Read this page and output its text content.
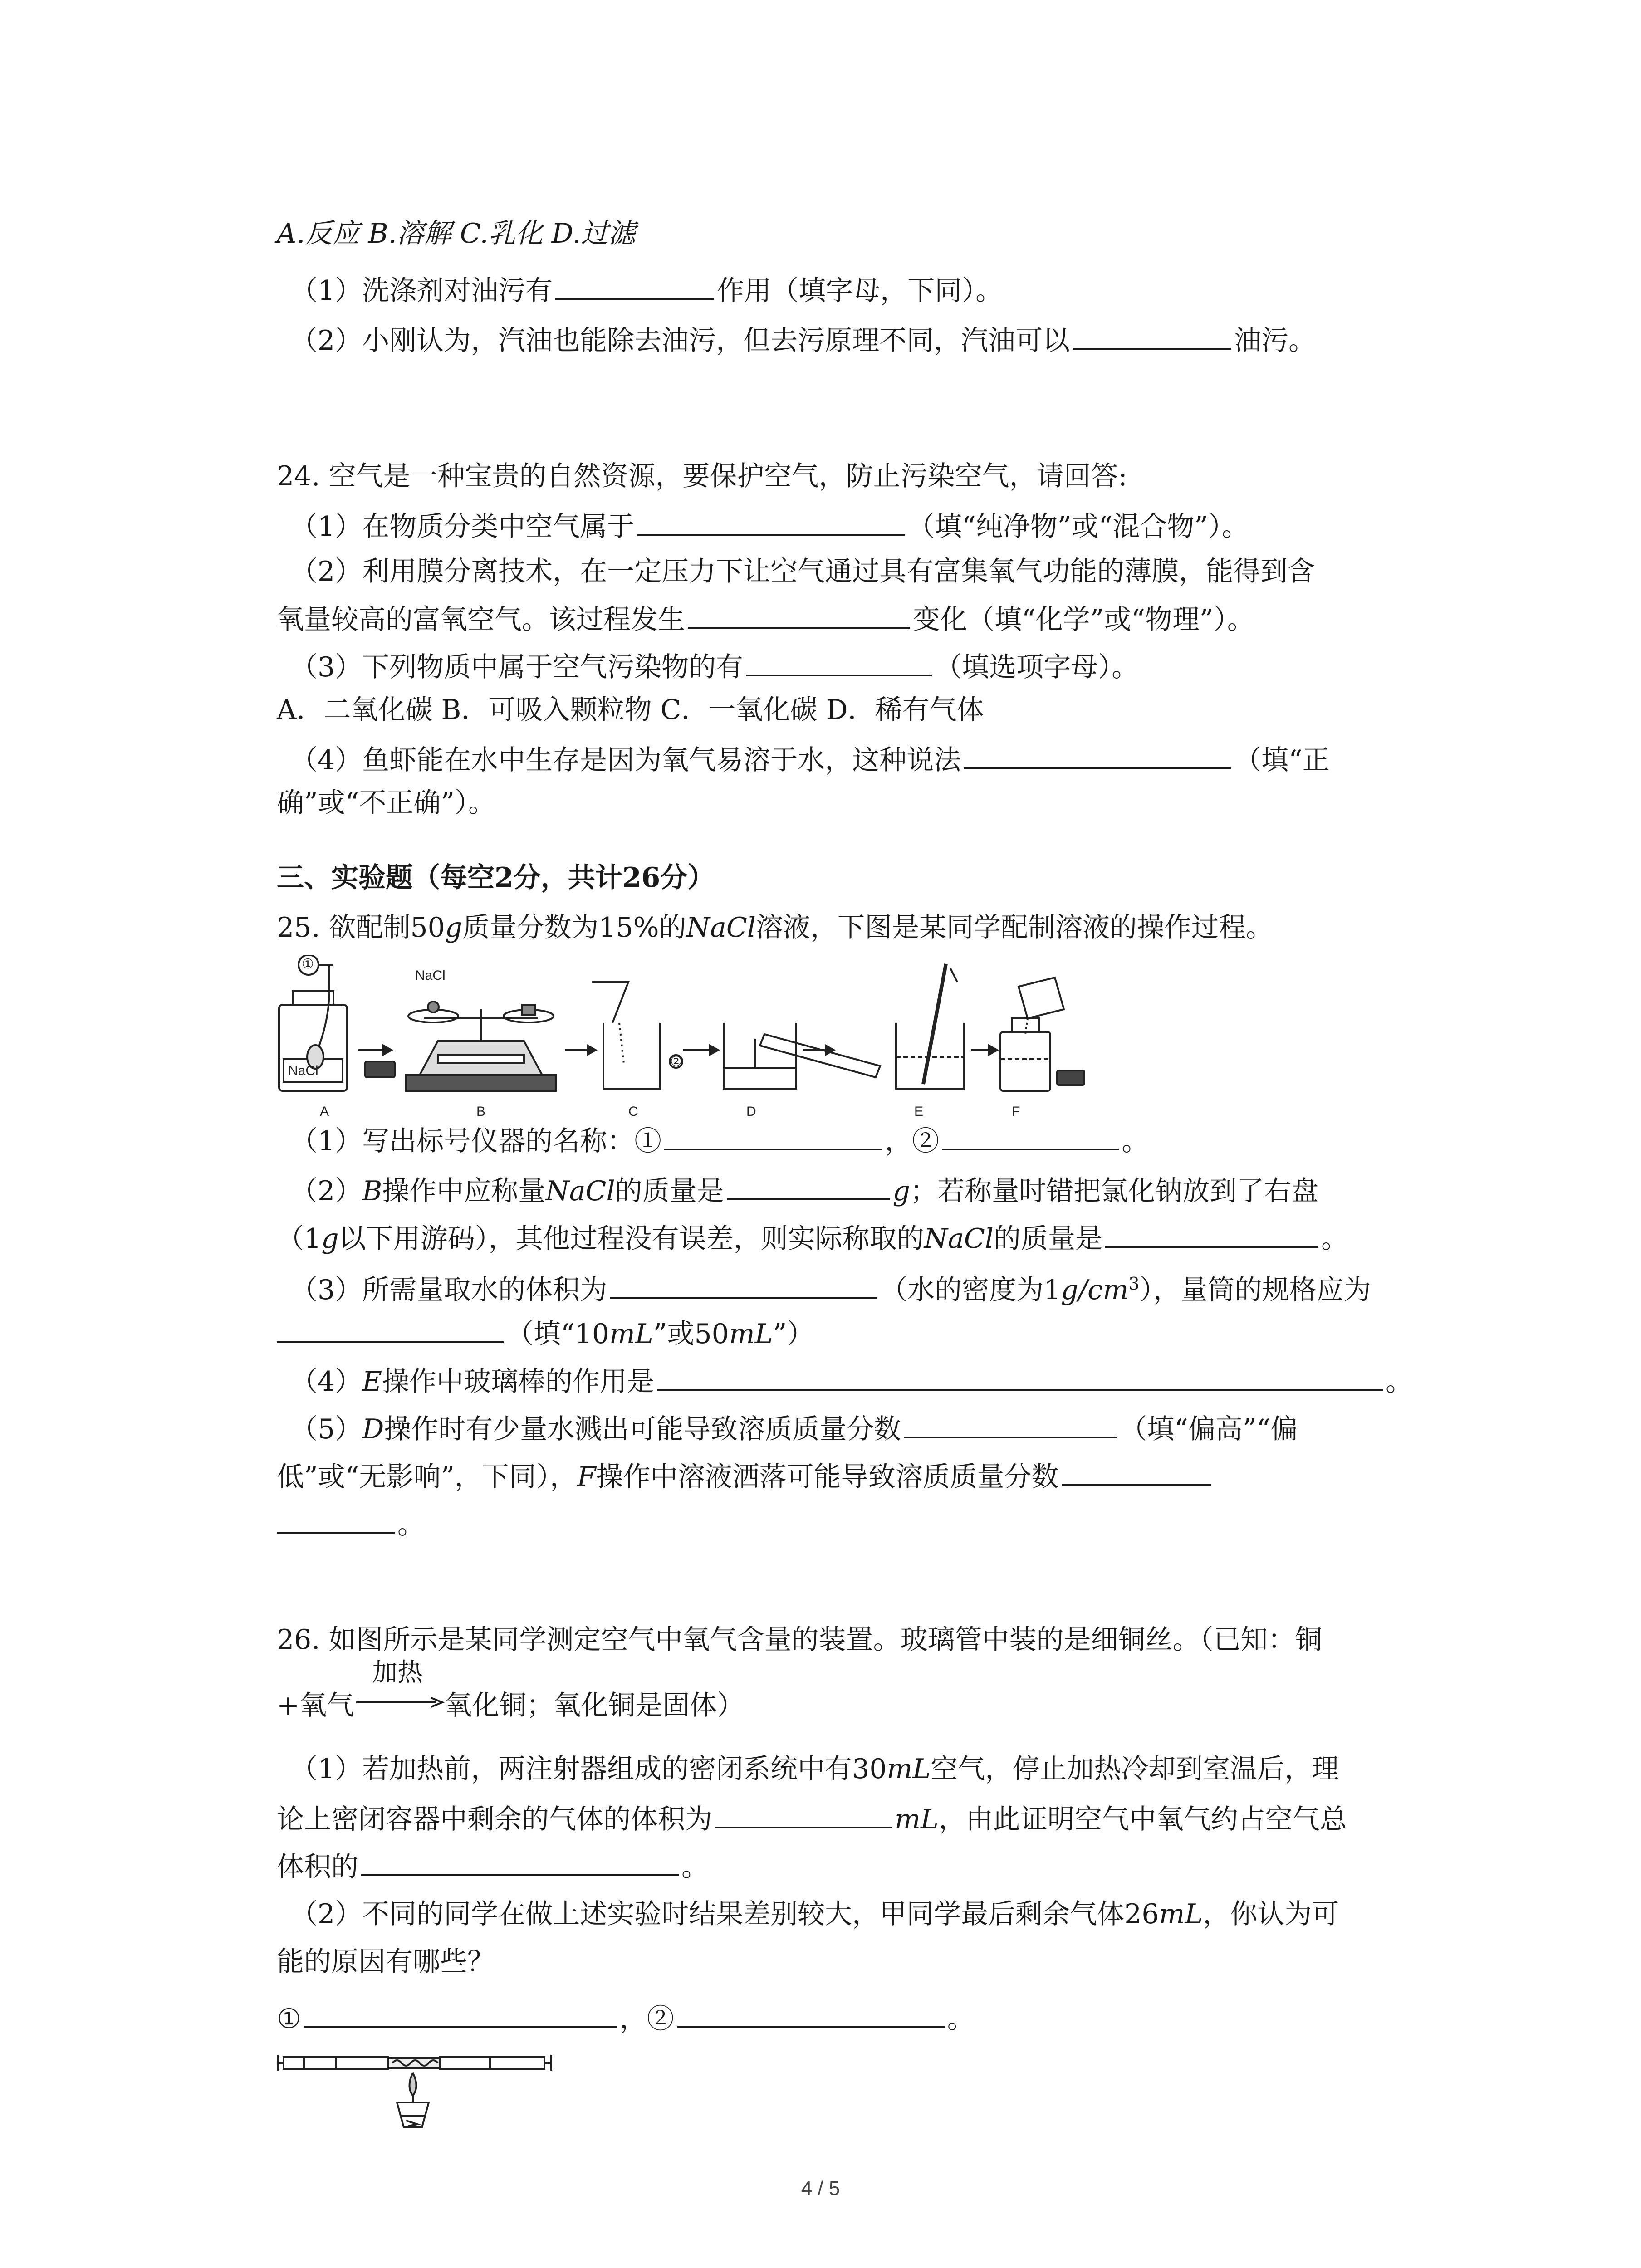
A.反应 B.溶解 C.乳化 D.过滤
（1）洗涤剂对油污有	作用（填字母，下同）。
（2）小刚认为，汽油也能除去油污，但去污原理不同，汽油可以	油污。
24. 空气是一种宝贵的自然资源，要保护空气，防止污染空气，请回答:
（1）在物质分类中空气属于	（填“纯净物”或“混合物”）。
（2）利用膜分离技术，在一定压力下让空气通过具有富集氧气功能的薄膜，能得到含
氧量较高的富氧空气。该过程发生	变化（填“化学”或“物理”）。
（3）下列物质中属于空气污染物的有	（填选项字母）。
A．二氧化碳 B．可吸入颗粒物 C．一氧化碳 D．稀有气体
（4）鱼虾能在水中生存是因为氧气易溶于水，这种说法	（填“正
确”或“不正确”）。
三、实验题（每空2分，共计26分）
25. 欲配制50g质量分数为15%的NaCl溶液，下图是某同学配制溶液的操作过程。
NaCl
①
NaCl
②
A	B	C	D	E	F
（1）写出标号仪器的名称：①	，②	。
（2）B操作中应称量NaCl的质量是	g；若称量时错把氯化钠放到了右盘
（1g以下用游码），其他过程没有误差，则实际称取的NaCl的质量是	。
（3）所需量取水的体积为	（水的密度为$1g/cm^3$），量筒的规格应为
（填“10mL”或50mL”）
（4）E操作中玻璃棒的作用是	。
（5）D操作时有少量水溅出可能导致溶质质量分数	（填“偏高”“偏
低”或“无影响”，下同），F操作中溶液洒落可能导致溶质质量分数
。
26. 如图所示是某同学测定空气中氧气含量的装置。玻璃管中装的是细铜丝。（已知：铜
+氧气
加热
氧化铜；氧化铜是固体）
（1）若加热前，两注射器组成的密闭系统中有30mL空气，停止加热冷却到室温后，理
论上密闭容器中剩余的气体的体积为	mL，由此证明空气中氧气约占空气总
体积的	。
（2）不同的同学在做上述实验时结果差别较大，甲同学最后剩余气体26mL，你认为可
能的原因有哪些？
①	，②	。
4 / 5
